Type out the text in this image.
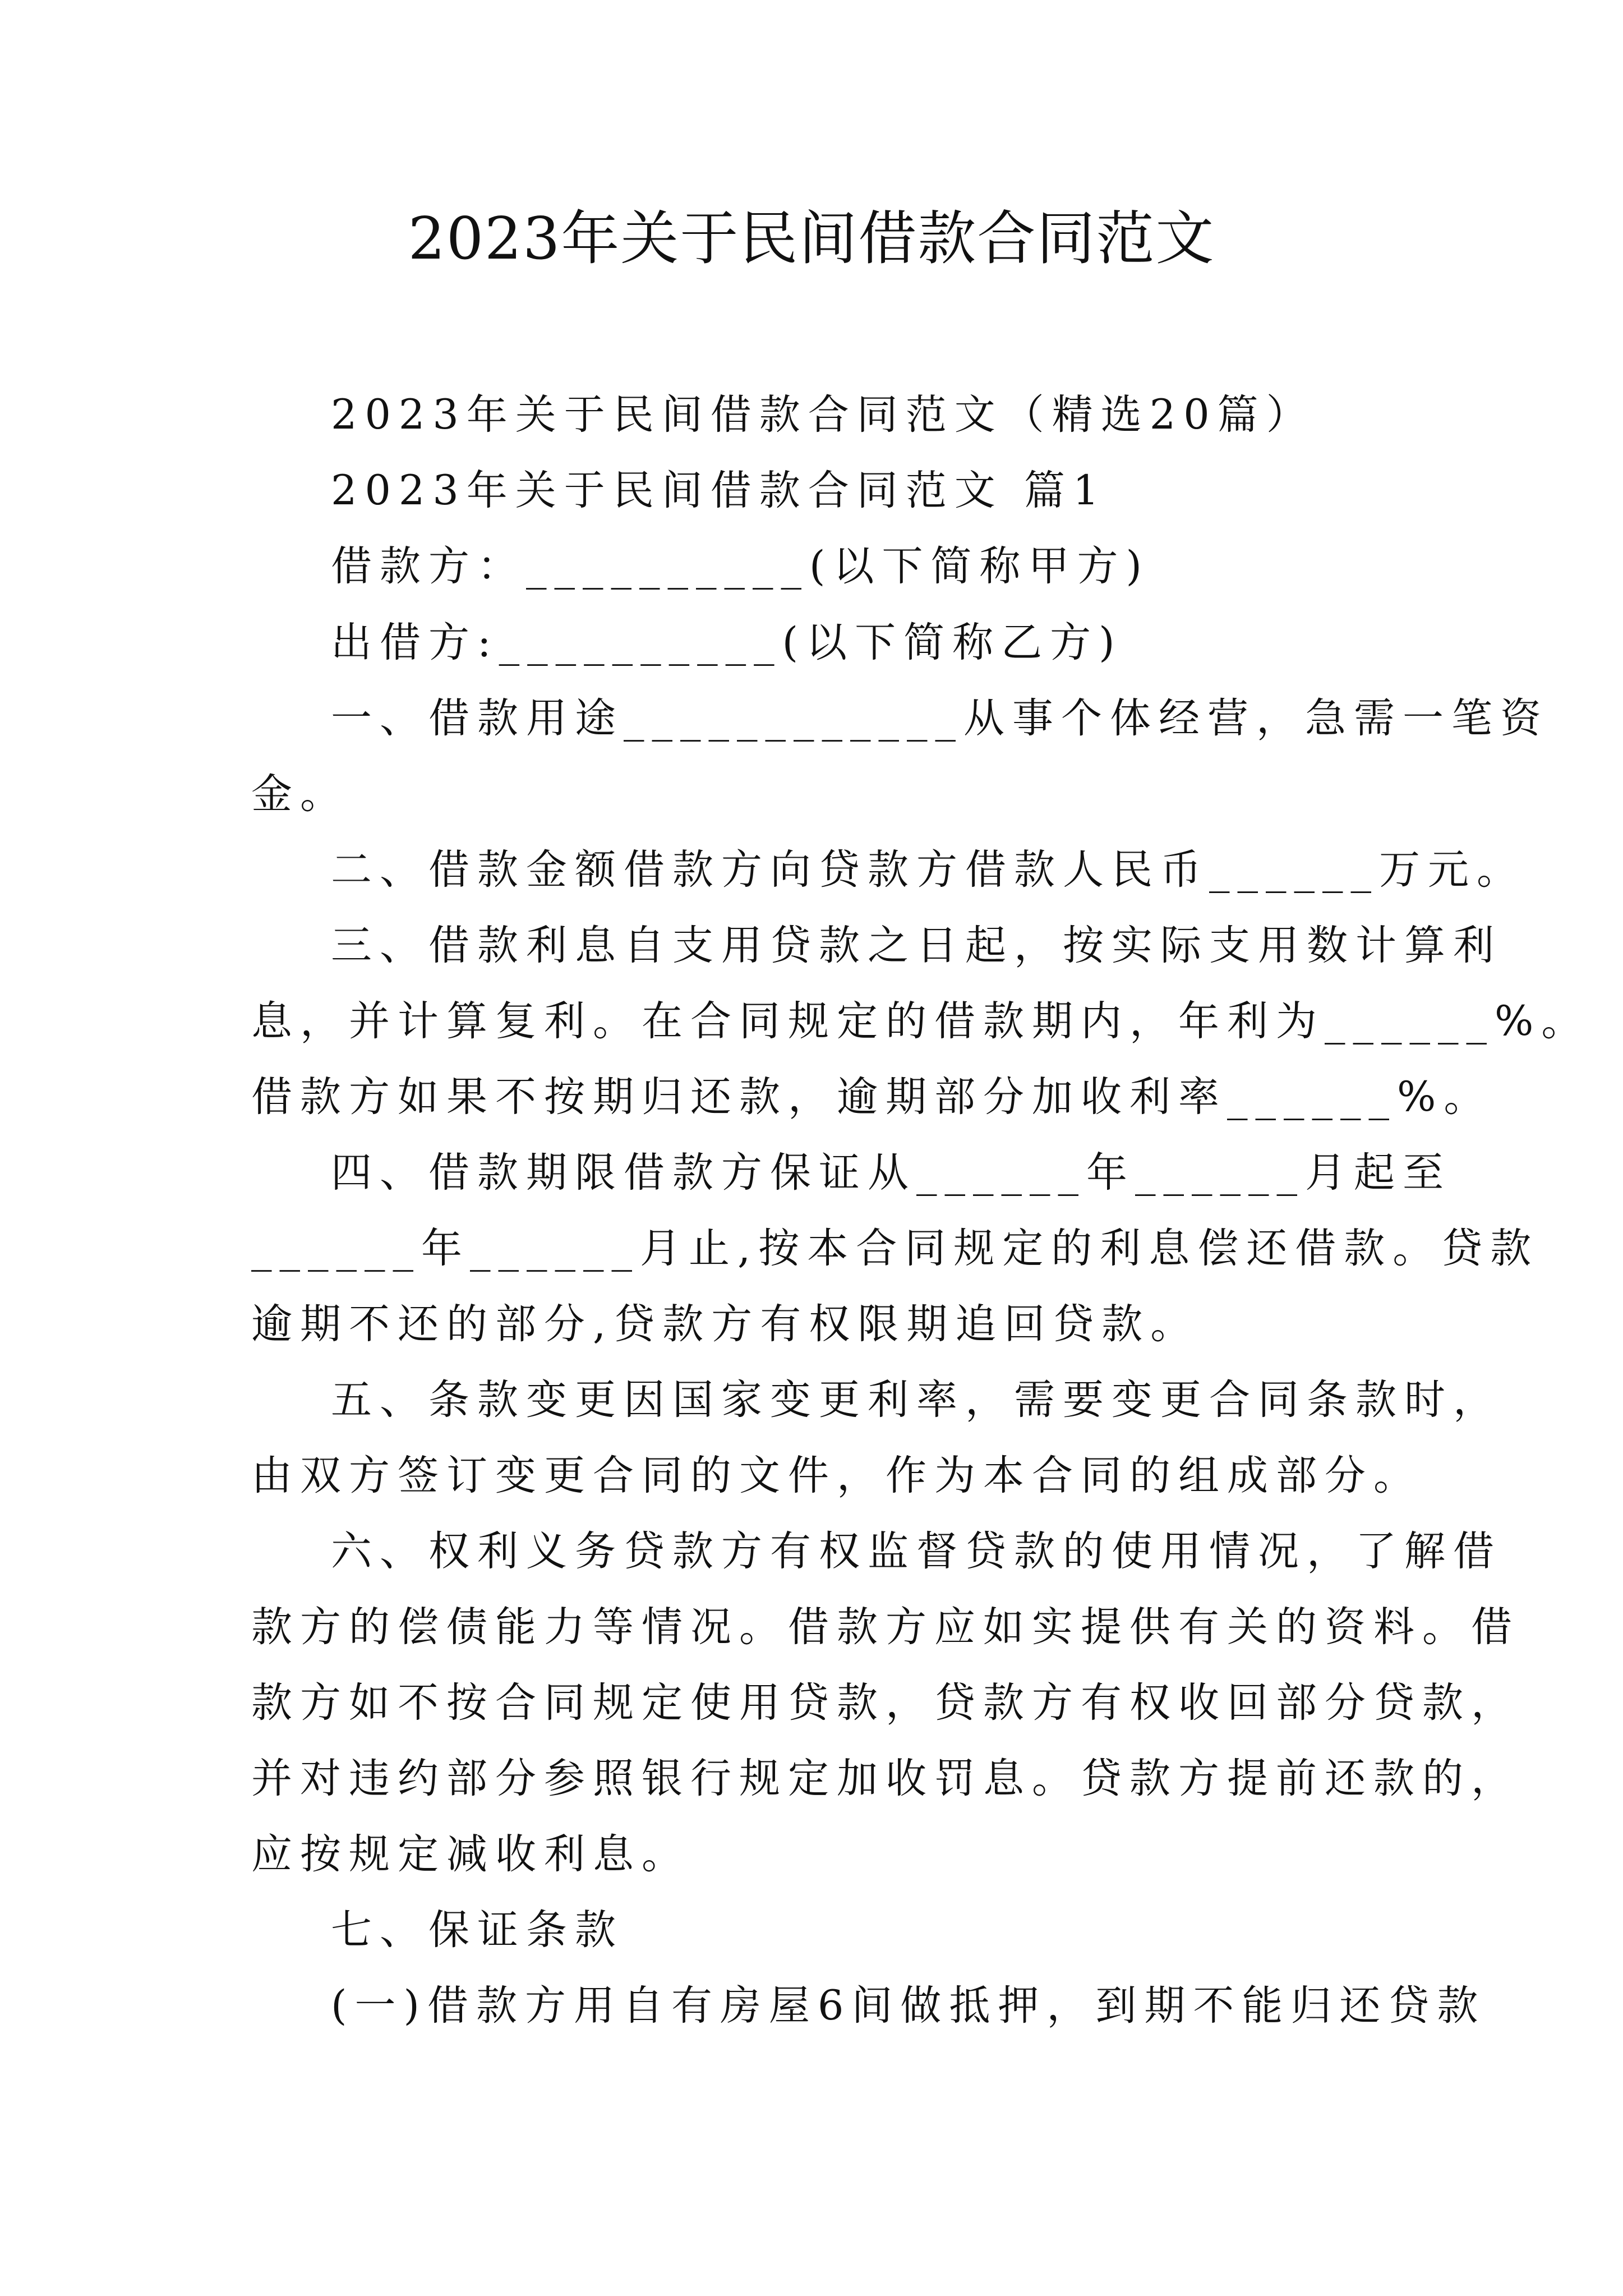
2023年关于民间借款合同范文
2023年关于民间借款合同范文（精选20篇）
2023年关于民间借款合同范文 篇1
借款方：__________(以下简称甲方)
出借方:__________(以下简称乙方)
一、借款用途____________从事个体经营，急需一笔资
金。
二、借款金额借款方向贷款方借款人民币______万元。
三、借款利息自支用贷款之日起，按实际支用数计算利
息，并计算复利。在合同规定的借款期内，年利为______%。
借款方如果不按期归还款，逾期部分加收利率______%。
四、借款期限借款方保证从______年______月起至
______年______月止,按本合同规定的利息偿还借款。贷款
逾期不还的部分,贷款方有权限期追回贷款。
五、条款变更因国家变更利率，需要变更合同条款时，
由双方签订变更合同的文件，作为本合同的组成部分。
六、权利义务贷款方有权监督贷款的使用情况，了解借
款方的偿债能力等情况。借款方应如实提供有关的资料。借
款方如不按合同规定使用贷款，贷款方有权收回部分贷款，
并对违约部分参照银行规定加收罚息。贷款方提前还款的，
应按规定减收利息。
七、保证条款
(一)借款方用自有房屋6间做抵押，到期不能归还贷款
